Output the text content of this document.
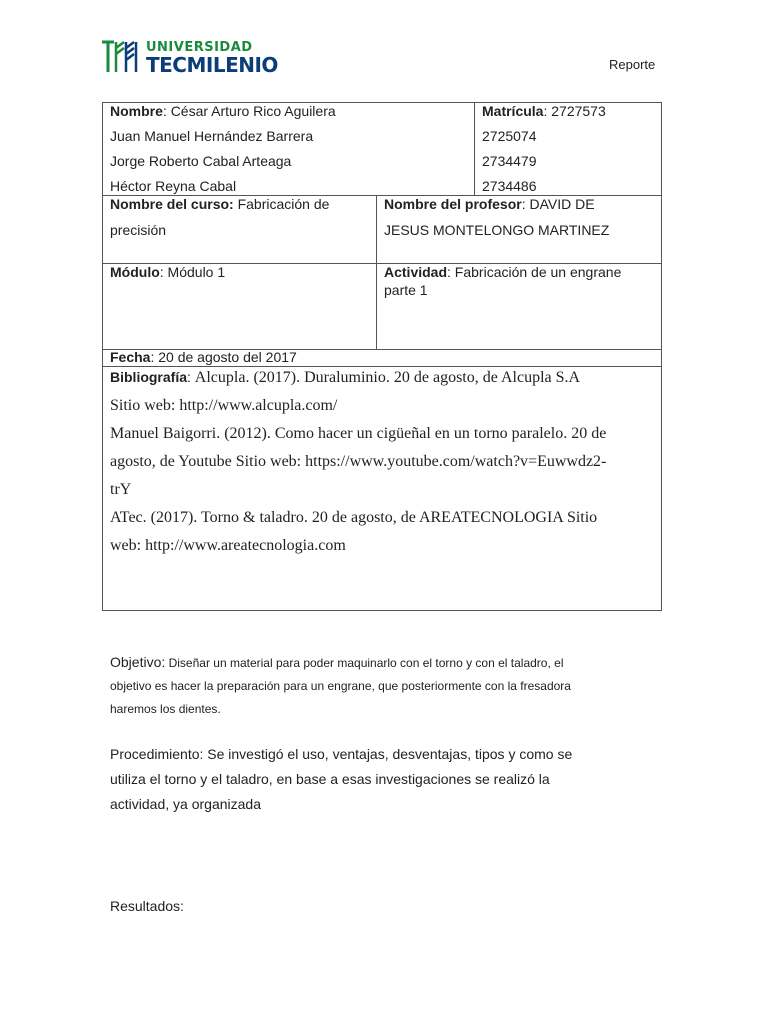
UNIVERSIDAD
TECMILENIO	Reporte
Nombre: César Arturo Rico Aguilera
Juan Manuel Hernández Barrera
Jorge Roberto Cabal Arteaga
Héctor Reyna Cabal
Matrícula: 2727573
2725074
2734479
2734486
Nombre del curso: Fabricación de
precisión
Nombre del profesor: DAVID DE
JESUS MONTELONGO MARTINEZ
Módulo: Módulo 1	Actividad: Fabricación de un engrane
parte 1
Fecha: 20 de agosto del 2017
Bibliografía: Alcupla. (2017). Duraluminio. 20 de agosto, de Alcupla S.A
Sitio web: http://www.alcupla.com/
Manuel Baigorri. (2012). Como hacer un cigüeñal en un torno paralelo. 20 de
agosto, de Youtube Sitio web: https://www.youtube.com/watch?v=Euwwdz2-
trY
ATec. (2017). Torno & taladro. 20 de agosto, de AREATECNOLOGIA Sitio
web: http://www.areatecnologia.com
Objetivo: Diseñar un material para poder maquinarlo con el torno y con el taladro, el
objetivo es hacer la preparación para un engrane, que posteriormente con la fresadora
haremos los dientes.
Procedimiento: Se investigó el uso, ventajas, desventajas, tipos y como se
utiliza el torno y el taladro, en base a esas investigaciones se realizó la
actividad, ya organizada
Resultados:
